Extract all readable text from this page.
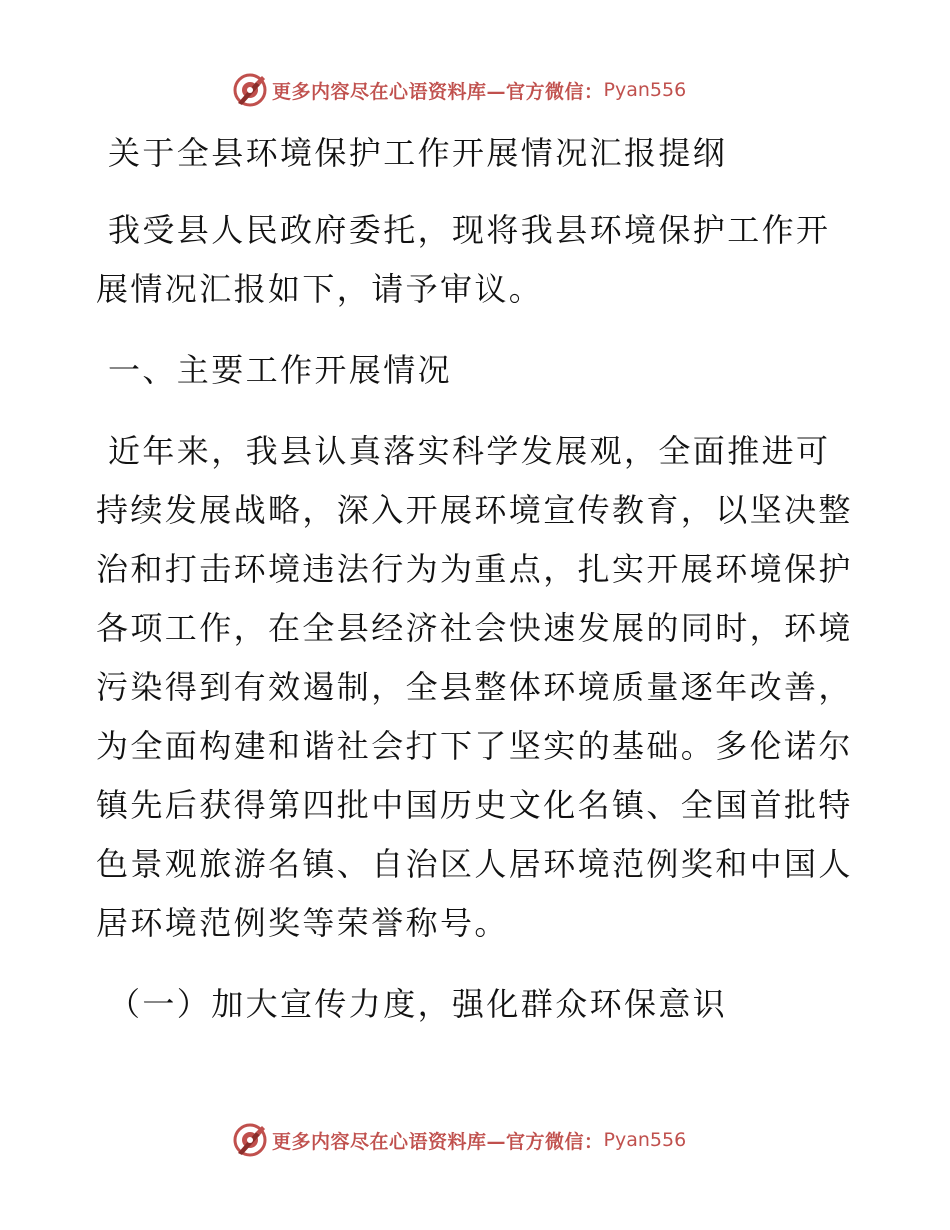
更多内容尽在心语资料库—官方微信： Pyan556

关于全县环境保护工作开展情况汇报提纲

我受县人民政府委托，现将我县环境保护工作开展情况汇报如下，请予审议。

一、主要工作开展情况

近年来，我县认真落实科学发展观，全面推进可持续发展战略，深入开展环境宣传教育，以坚决整治和打击环境违法行为为重点，扎实开展环境保护各项工作，在全县经济社会快速发展的同时，环境污染得到有效遏制，全县整体环境质量逐年改善，为全面构建和谐社会打下了坚实的基础。多伦诺尔镇先后获得第四批中国历史文化名镇、全国首批特色景观旅游名镇、自治区人居环境范例奖和中国人居环境范例奖等荣誉称号。

（一）加大宣传力度，强化群众环保意识

更多内容尽在心语资料库—官方微信： Pyan556
